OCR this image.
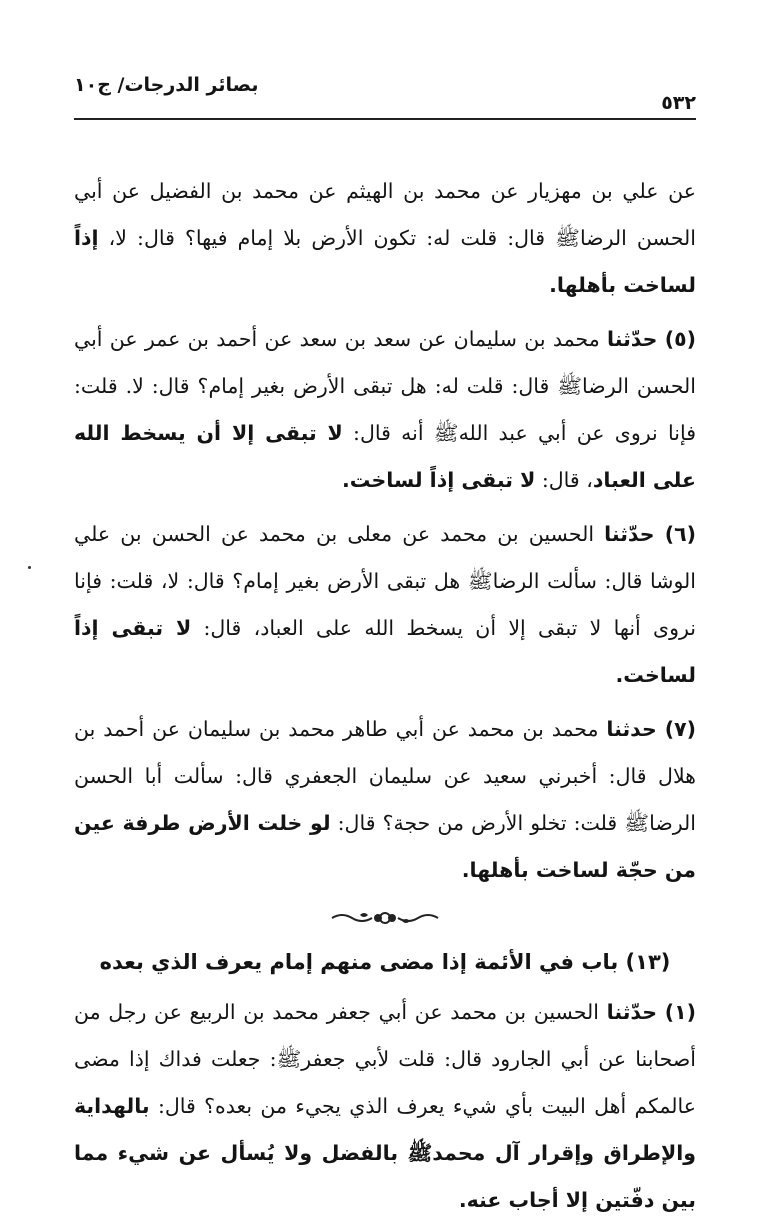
بصائر الدرجات/ ج١٠
٥٣٢

عن علي بن مهزيار عن محمد بن الهيثم عن محمد بن الفضيل عن أبي الحسن الرضاﷺ قال: قلت له: تكون الأرض بلا إمام فيها؟ قال: لا، إذاً لساخت بأهلها.

(٥) حدّثنا محمد بن سليمان عن سعد بن سعد عن أحمد بن عمر عن أبي الحسن الرضاﷺ قال: قلت له: هل تبقى الأرض بغير إمام؟ قال: لا. قلت: فإنا نروى عن أبي عبد اللهﷺ أنه قال: لا تبقى إلا أن يسخط الله على العباد، قال: لا تبقى إذاً لساخت.

(٦) حدّثنا الحسين بن محمد عن معلى بن محمد عن الحسن بن علي الوشا قال: سألت الرضاﷺ هل تبقى الأرض بغير إمام؟ قال: لا، قلت: فإنا نروى أنها لا تبقى إلا أن يسخط الله على العباد، قال: لا تبقى إذاً لساخت.

(٧) حدثنا محمد بن محمد عن أبي طاهر محمد بن سليمان عن أحمد بن هلال قال: أخبرني سعيد عن سليمان الجعفري قال: سألت أبا الحسن الرضاﷺ قلت: تخلو الأرض من حجة؟ قال: لو خلت الأرض طرفة عين من حجّة لساخت بأهلها.

(١٣) باب في الأئمة إذا مضى منهم إمام يعرف الذي بعده

(١) حدّثنا الحسين بن محمد عن أبي جعفر محمد بن الربيع عن رجل من أصحابنا عن أبي الجارود قال: قلت لأبي جعفرﷺ: جعلت فداك إذا مضى عالمكم أهل البيت بأي شيء يعرف الذي يجيء من بعده؟ قال: بالهداية والإطراق وإقرار آل محمدﷺ بالفضل ولا يُسأل عن شيء مما بين دفّتين إلا أجاب عنه.
